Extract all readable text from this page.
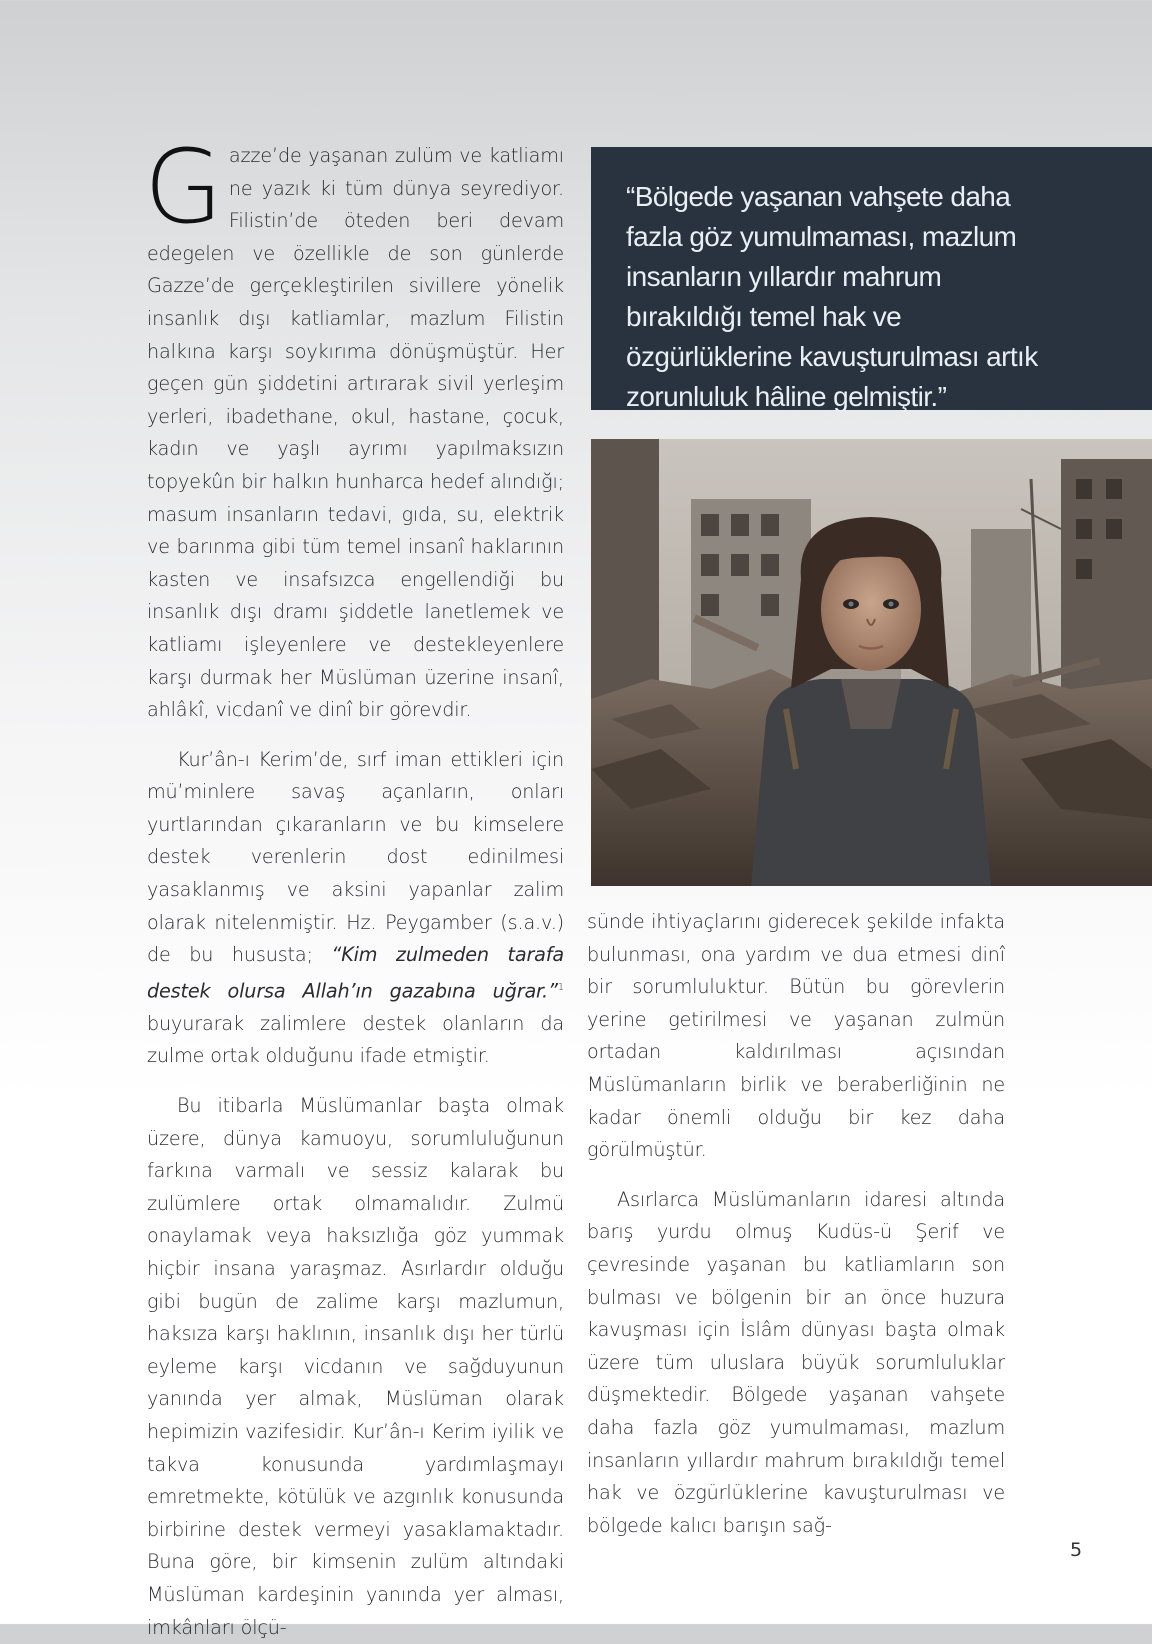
Gazze’de yaşanan zulüm ve katliamı ne yazık ki tüm dünya seyrediyor. Filistin’de öteden beri devam edegelen ve özellikle de son günlerde Gazze’de gerçekleştirilen sivillere yönelik insanlık dışı katliamlar, mazlum Filistin halkına karşı soykırıma dönüşmüştür. Her geçen gün şiddetini artırarak sivil yerleşim yerleri, ibadethane, okul, hastane, çocuk, kadın ve yaşlı ayrımı yapılmaksızın topyekûn bir halkın hunharca hedef alındığı; masum insanların tedavi, gıda, su, elektrik ve barınma gibi tüm temel insanî haklarının kasten ve insafsızca engellendiği bu insanlık dışı dramı şiddetle lanetlemek ve katliamı işleyenlere ve destekleyenlere karşı durmak her Müslüman üzerine insanî, ahlâkî, vicdanî ve dinî bir görevdir.

Kur’ân-ı Kerim’de, sırf iman ettikleri için mü’minlere savaş açanların, onları yurtlarından çıkaranların ve bu kimselere destek verenlerin dost edinilmesi yasaklanmış ve aksini yapanlar zalim olarak nitelenmiştir. Hz. Peygamber (s.a.v.) de bu hususta; “Kim zulmeden tarafa destek olursa Allah’ın gazabına uğrar.”$^1$ buyurarak zalimlere destek olanların da zulme ortak olduğunu ifade etmiştir.

Bu itibarla Müslümanlar başta olmak üzere, dünya kamuoyu, sorumluluğunun farkına varmalı ve sessiz kalarak bu zulümlere ortak olmamalıdır. Zulmü onaylamak veya haksızlığa göz yummak hiçbir insana yaraşmaz. Asırlardır olduğu gibi bugün de zalime karşı mazlumun, haksıza karşı haklının, insanlık dışı her türlü eyleme karşı vicdanın ve sağduyunun yanında yer almak, Müslüman olarak hepimizin vazifesidir. Kur’ân-ı Kerim iyilik ve takva konusunda yardımlaşmayı emretmekte, kötülük ve azgınlık konusunda birbirine destek vermeyi yasaklamaktadır. Buna göre, bir kimsenin zulüm altındaki Müslüman kardeşinin yanında yer alması, imkânları ölçü-

“Bölgede yaşanan vahşete daha fazla göz yumulmaması, mazlum insanların yıllardır mahrum bırakıldığı temel hak ve özgürlüklerine kavuşturulması artık zorunluluk hâline gelmiştir.”

sünde ihtiyaçlarını giderecek şekilde infakta bulunması, ona yardım ve dua etmesi dinî bir sorumluluktur. Bütün bu görevlerin yerine getirilmesi ve yaşanan zulmün ortadan kaldırılması açısından Müslümanların birlik ve beraberliğinin ne kadar önemli olduğu bir kez daha görülmüştür.

Asırlarca Müslümanların idaresi altında barış yurdu olmuş Kudüs-ü Şerif ve çevresinde yaşanan bu katliamların son bulması ve bölgenin bir an önce huzura kavuşması için İslâm dünyası başta olmak üzere tüm uluslara büyük sorumluluklar düşmektedir. Bölgede yaşanan vahşete daha fazla göz yumulmaması, mazlum insanların yıllardır mahrum bırakıldığı temel hak ve özgürlüklerine kavuşturulması ve bölgede kalıcı barışın sağ-

5
